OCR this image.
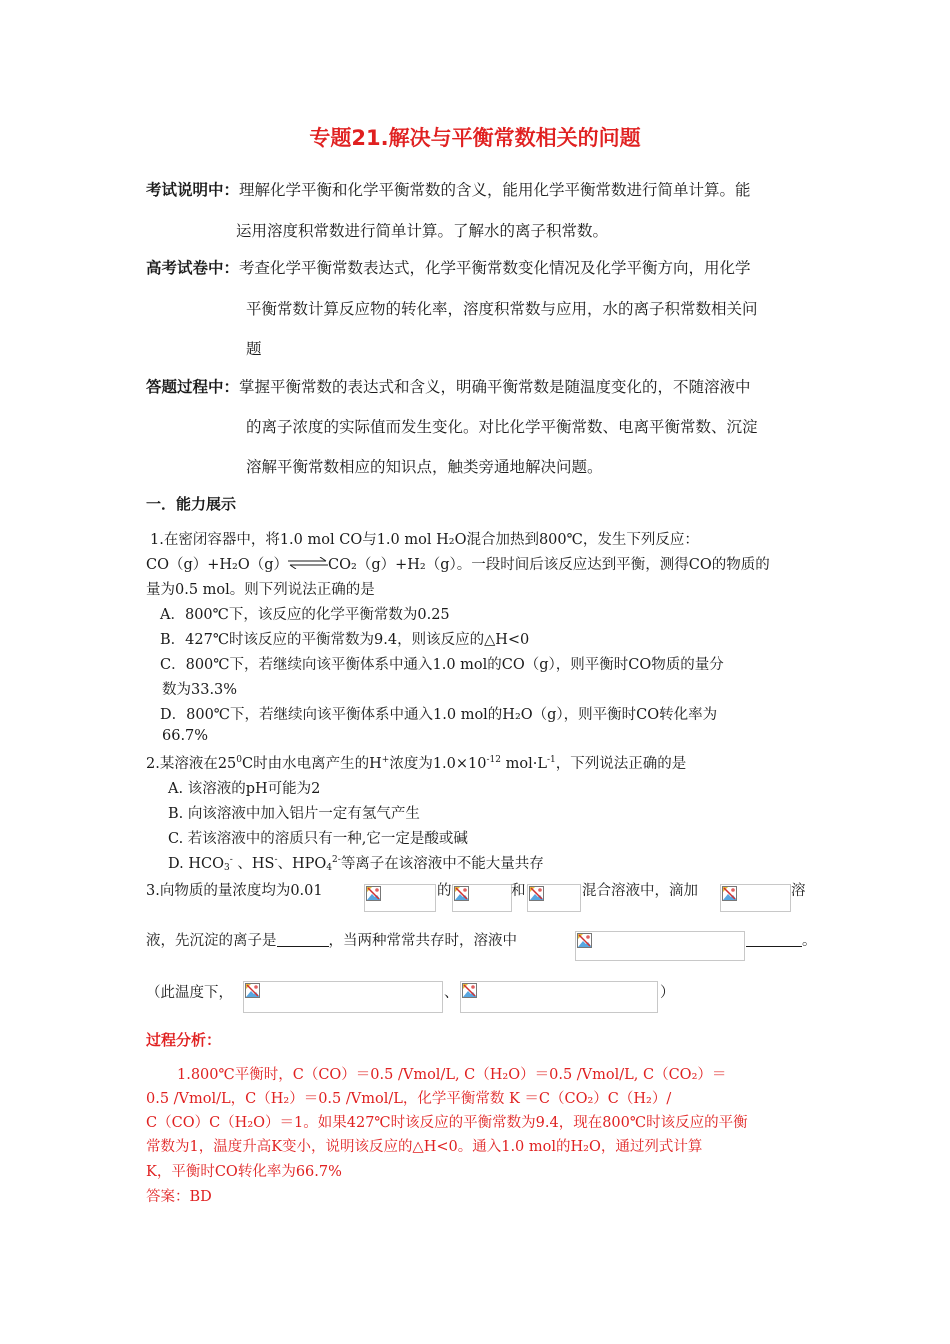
专题21.解决与平衡常数相关的问题
考试说明中：理解化学平衡和化学平衡常数的含义，能用化学平衡常数进行简单计算。能
运用溶度积常数进行简单计算。了解水的离子积常数。
高考试卷中：考查化学平衡常数表达式，化学平衡常数变化情况及化学平衡方向，用化学
平衡常数计算反应物的转化率，溶度积常数与应用，水的离子积常数相关问
题
答题过程中：掌握平衡常数的表达式和含义，明确平衡常数是随温度变化的，不随溶液中
的离子浓度的实际值而发生变化。对比化学平衡常数、电离平衡常数、沉淀
溶解平衡常数相应的知识点，触类旁通地解决问题。
一．能力展示
1.在密闭容器中，将1.0 mol CO与1.0 mol H₂O混合加热到800℃，发生下列反应：
CO（g）+H₂O（g）⇌CO₂（g）+H₂（g）。一段时间后该反应达到平衡，测得CO的物质的
量为0.5 mol。则下列说法正确的是
A．800℃下，该反应的化学平衡常数为0.25
B．427℃时该反应的平衡常数为9.4，则该反应的△H<0
C．800℃下，若继续向该平衡体系中通入1.0 mol的CO（g），则平衡时CO物质的量分
数为33.3%
D．800℃下，若继续向该平衡体系中通入1.0 mol的H₂O（g），则平衡时CO转化率为
66.7%
2.某溶液在$25^0C$时由水电离产生的H+浓度为$1.0\times 10^{-12}$ $mol\cdot L^{-1}$，下列说法正确的是
A. 该溶液的pH可能为2
B. 向该溶液中加入铝片一定有氢气产生
C. 若该溶液中的溶质只有一种,它一定是酸或碱
D. $HCO_3^-$ 、HS-、$HPO_4^{2-}$等离子在该溶液中不能大量共存
3.向物质的量浓度均为0.01	的	和	混合溶液中，滴加	溶
液，先沉淀的离子是	，当两种常常共存时，溶液中	。
（此温度下，	、	）
过程分析：
1.800℃平衡时，C（CO）＝0.5 /Vmol/L, C（H₂O）＝0.5 /Vmol/L, C（CO₂）＝
0.5 /Vmol/L，C（H₂）＝0.5 /Vmol/L，化学平衡常数 K ＝C（CO₂）C（H₂）/
C（CO）C（H₂O）＝1。如果427℃时该反应的平衡常数为9.4，现在800℃时该反应的平衡
常数为1，温度升高K变小，说明该反应的△H<0。通入1.0 mol的H₂O，通过列式计算
K，平衡时CO转化率为66.7%
答案：BD
